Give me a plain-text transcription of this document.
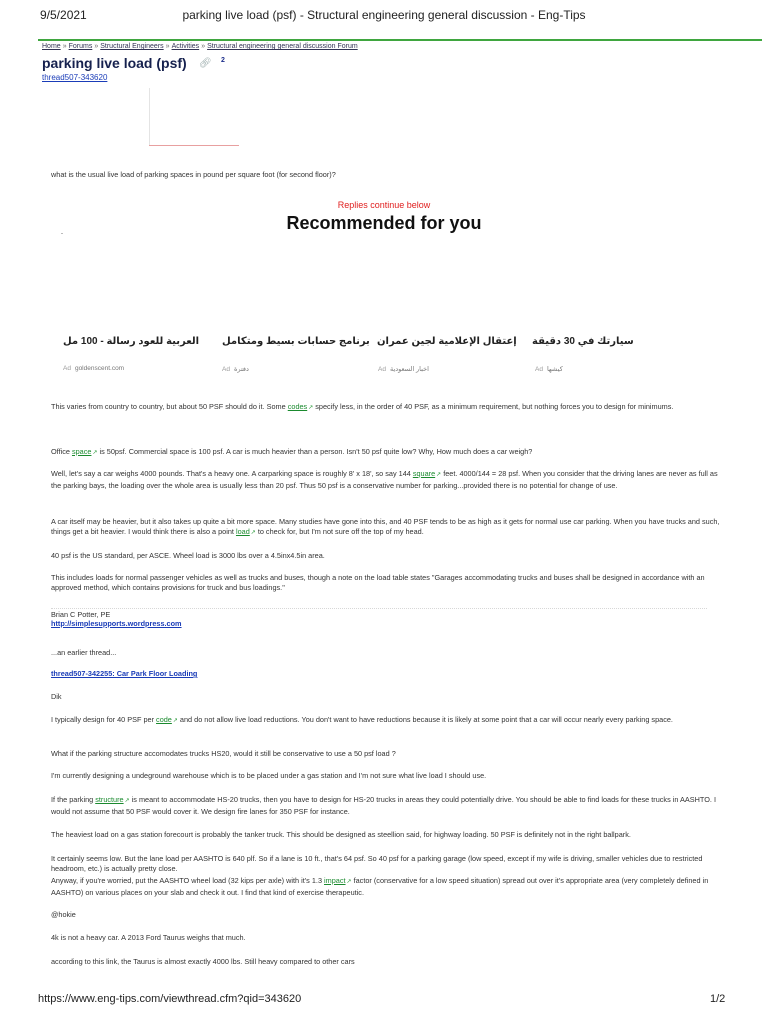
9/5/2021	parking live load (psf) - Structural engineering general discussion - Eng-Tips
Home » Forums » Structural Engineers » Activities » Structural engineering general discussion Forum
parking live load (psf) 🔗︎ 2
thread507-343620
what is the usual live load of parking spaces in pound per square foot (for second floor)?
Replies continue below
Recommended for you
سيارتك في 30 دقيقة
إعتقال الإعلامية لجين عمران
برنامج حسابات بسيط ومتكامل
العربية للعود رسالة - 100 مل
Ad كيشها
Ad اخبار السعودية
Ad دفترة
Ad goldenscent.com
This varies from country to country, but about 50 PSF should do it. Some codes↗ specify less, in the order of 40 PSF, as a minimum requirement, but nothing forces you to design for minimums.
Office space↗ is 50psf. Commercial space is 100 psf. A car is much heavier than a person. Isn't 50 psf quite low? Why, How much does a car weigh?
Well, let's say a car weighs 4000 pounds. That's a heavy one. A carparking space is roughly 8' x 18', so say 144 square↗ feet. 4000/144 = 28 psf. When you consider that the driving lanes are never as full as the parking bays, the loading over the whole area is usually less than 20 psf. Thus 50 psf is a conservative number for parking...provided there is no potential for change of use.
A car itself may be heavier, but it also takes up quite a bit more space. Many studies have gone into this, and 40 PSF tends to be as high as it gets for normal use car parking. When you have trucks and such, things get a bit heavier. I would think there is also a point load↗ to check for, but I'm not sure off the top of my head.
40 psf is the US standard, per ASCE. Wheel load is 3000 lbs over a 4.5inx4.5in area.
This includes loads for normal passenger vehicles as well as trucks and buses, though a note on the load table states "Garages accommodating trucks and buses shall be designed in accordance with an approved method, which contains provisions for truck and bus loadings."
Brian C Potter, PE
http://simplesupports.wordpress.com
...an earlier thread...
thread507-342255: Car Park Floor Loading
Dik
I typically design for 40 PSF per code↗ and do not allow live load reductions. You don't want to have reductions because it is likely at some point that a car will occur nearly every parking space.
What if the parking structure accomodates trucks HS20, would it still be conservative to use a 50 psf load ?
I'm currently designing a undeground warehouse which is to be placed under a gas station and I'm not sure what live load I should use.
If the parking structure↗ is meant to accommodate HS-20 trucks, then you have to design for HS-20 trucks in areas they could potentially drive. You should be able to find loads for these trucks in AASHTO. I would not assume that 50 PSF would cover it. We design fire lanes for 350 PSF for instance.
The heaviest load on a gas station forecourt is probably the tanker truck. This should be designed as steellion said, for highway loading. 50 PSF is definitely not in the right ballpark.
It certainly seems low. But the lane load per AASHTO is 640 plf. So if a lane is 10 ft., that's 64 psf. So 40 psf for a parking garage (low speed, except if my wife is driving, smaller vehicles due to restricted headroom, etc.) is actually pretty close.
Anyway, if you're worried, put the AASHTO wheel load (32 kips per axle) with it's 1.3 impact↗ factor (conservative for a low speed situation) spread out over it's appropriate area (very completely defined in AASHTO) on various places on your slab and check it out. I find that kind of exercise therapeutic.
@hokie
4k is not a heavy car. A 2013 Ford Taurus weighs that much.
according to this link, the Taurus is almost exactly 4000 lbs. Still heavy compared to other cars
https://www.eng-tips.com/viewthread.cfm?qid=343620	1/2
